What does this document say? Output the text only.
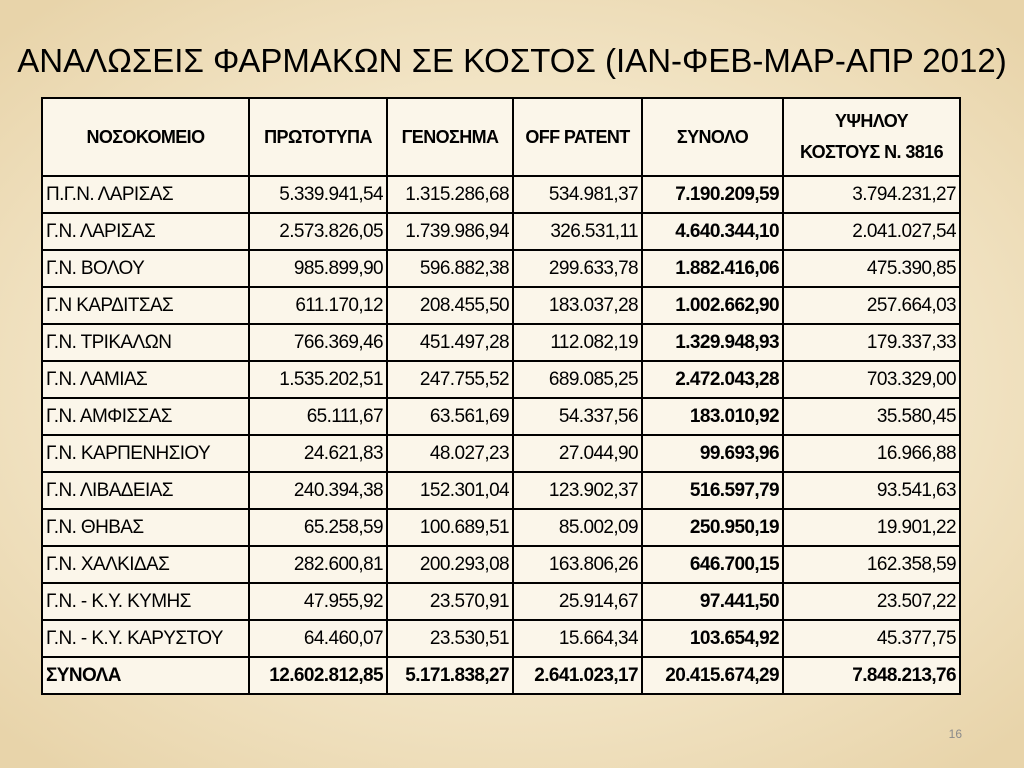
ΑΝΑΛΩΣΕΙΣ ΦΑΡΜΑΚΩΝ ΣΕ ΚΟΣΤΟΣ (ΙΑΝ-ΦΕΒ-ΜΑΡ-ΑΠΡ 2012)
ΝΟΣΟΚΟΜΕΙΟ	ΠΡΩΤΟΤΥΠΑ	ΓΕΝΟΣΗΜΑ	OFF PATENT	ΣΥΝΟΛΟ	ΥΨΗΛΟΥ
ΚΟΣΤΟΥΣ Ν. 3816

Π.Γ.Ν. ΛΑΡΙΣΑΣ	5.339.941,54	1.315.286,68	534.981,37	7.190.209,59	3.794.231,27
Γ.Ν. ΛΑΡΙΣΑΣ	2.573.826,05	1.739.986,94	326.531,11	4.640.344,10	2.041.027,54
Γ.Ν. ΒΟΛΟΥ	985.899,90	596.882,38	299.633,78	1.882.416,06	475.390,85
Γ.Ν ΚΑΡΔΙΤΣΑΣ	611.170,12	208.455,50	183.037,28	1.002.662,90	257.664,03
Γ.Ν. ΤΡΙΚΑΛΩΝ	766.369,46	451.497,28	112.082,19	1.329.948,93	179.337,33
Γ.Ν. ΛΑΜΙΑΣ	1.535.202,51	247.755,52	689.085,25	2.472.043,28	703.329,00
Γ.Ν. ΑΜΦΙΣΣΑΣ	65.111,67	63.561,69	54.337,56	183.010,92	35.580,45
Γ.Ν. ΚΑΡΠΕΝΗΣΙΟΥ	24.621,83	48.027,23	27.044,90	99.693,96	16.966,88
Γ.Ν. ΛΙΒΑΔΕΙΑΣ	240.394,38	152.301,04	123.902,37	516.597,79	93.541,63
Γ.Ν. ΘΗΒΑΣ	65.258,59	100.689,51	85.002,09	250.950,19	19.901,22
Γ.Ν. ΧΑΛΚΙΔΑΣ	282.600,81	200.293,08	163.806,26	646.700,15	162.358,59
Γ.Ν. - Κ.Υ. ΚΥΜΗΣ	47.955,92	23.570,91	25.914,67	97.441,50	23.507,22
Γ.Ν. - Κ.Υ. ΚΑΡΥΣΤΟΥ	64.460,07	23.530,51	15.664,34	103.654,92	45.377,75
ΣΥΝΟΛΑ	12.602.812,85	5.171.838,27	2.641.023,17	20.415.674,29	7.848.213,76
16
